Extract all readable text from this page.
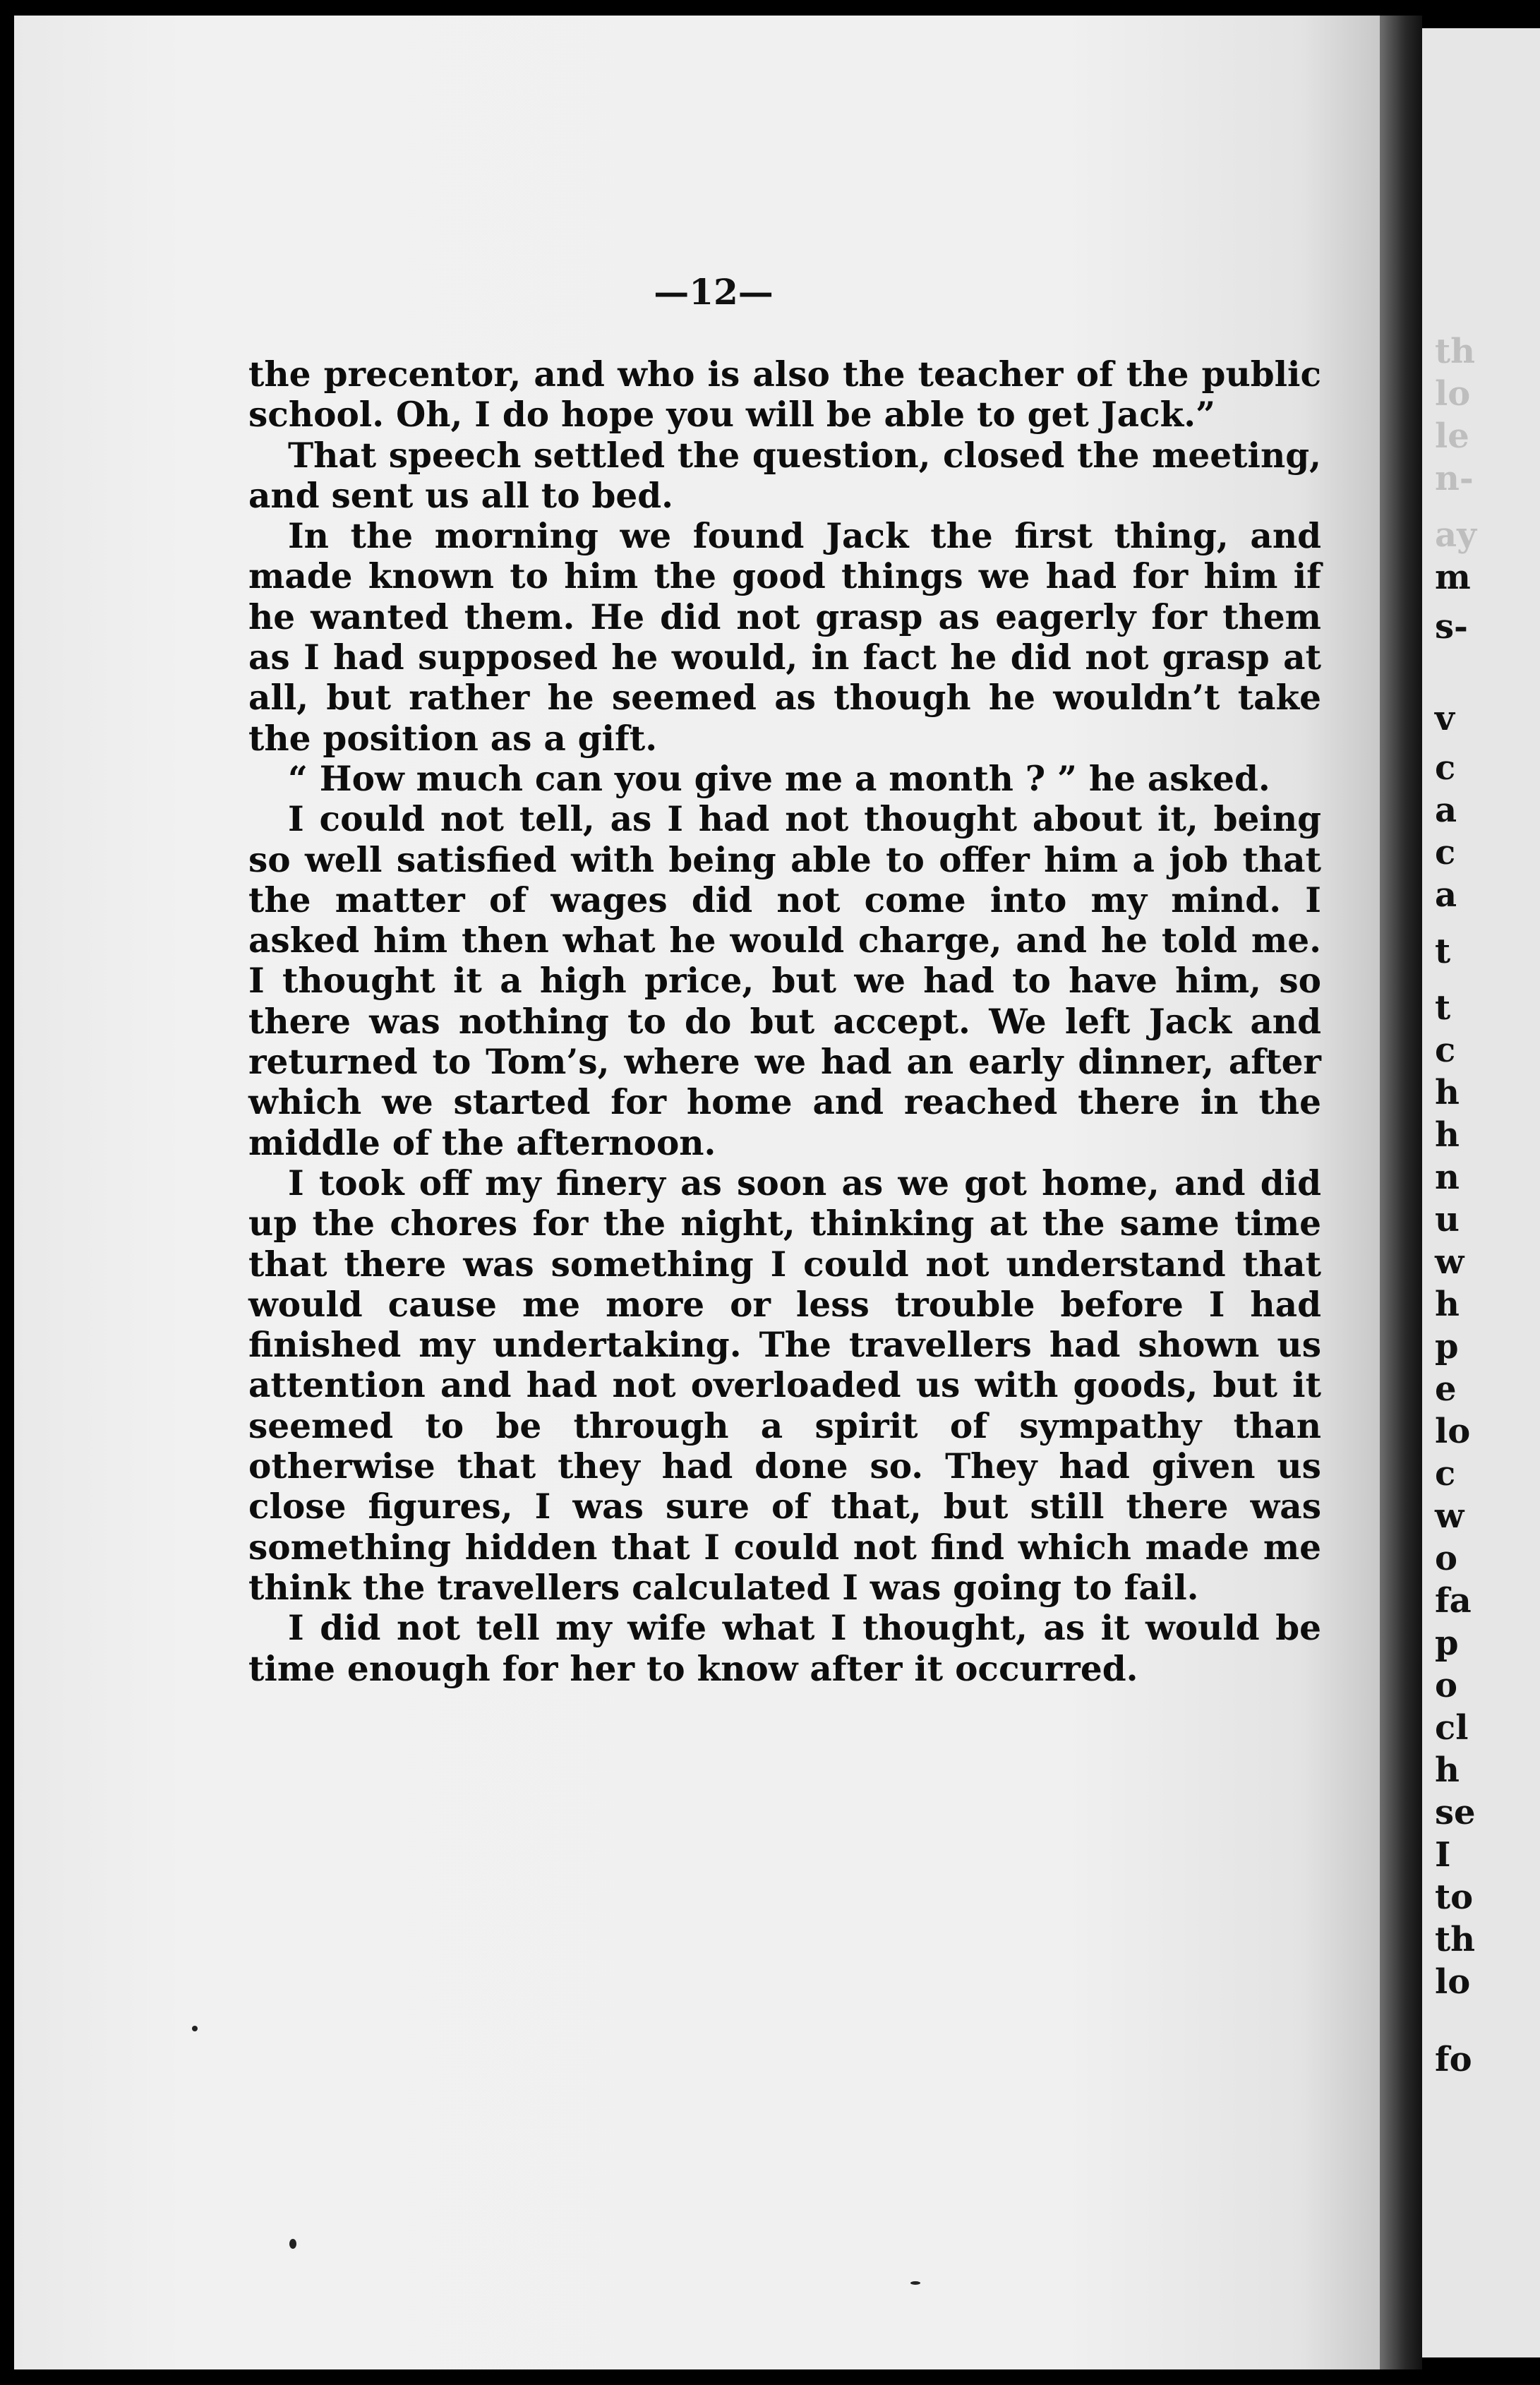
—12—

the precentor, and who is also the teacher of the public school. Oh, I do hope you will be able to get Jack.”

That speech settled the question, closed the meeting, and sent us all to bed.

In the morning we found Jack the first thing, and made known to him the good things we had for him if he wanted them. He did not grasp as eagerly for them as I had supposed he would, in fact he did not grasp at all, but rather he seemed as though he wouldn’t take the position as a gift.

“ How much can you give me a month ? ” he asked.

I could not tell, as I had not thought about it, being so well satisfied with being able to offer him a job that the matter of wages did not come into my mind. I asked him then what he would charge, and he told me. I thought it a high price, but we had to have him, so there was nothing to do but accept. We left Jack and returned to Tom’s, where we had an early dinner, after which we started for home and reached there in the middle of the afternoon.

I took off my finery as soon as we got home, and did up the chores for the night, thinking at the same time that there was something I could not understand that would cause me more or less trouble before I had finished my undertaking. The travellers had shown us attention and had not overloaded us with goods, but it seemed to be through a spirit of sympathy than otherwise that they had done so. They had given us close figures, I was sure of that, but still there was something hidden that I could not find which made me think the travellers calculated I was going to fail.

I did not tell my wife what I thought, as it would be time enough for her to know after it occurred.

th
lo
le
n-
ay
m
s-
v
c
a
c
a
t
t
c
h
h
n
u
w
h
p
e
lo
c
w
o
fa
p
o
cl
h
se
I
to
th
lo
fo
